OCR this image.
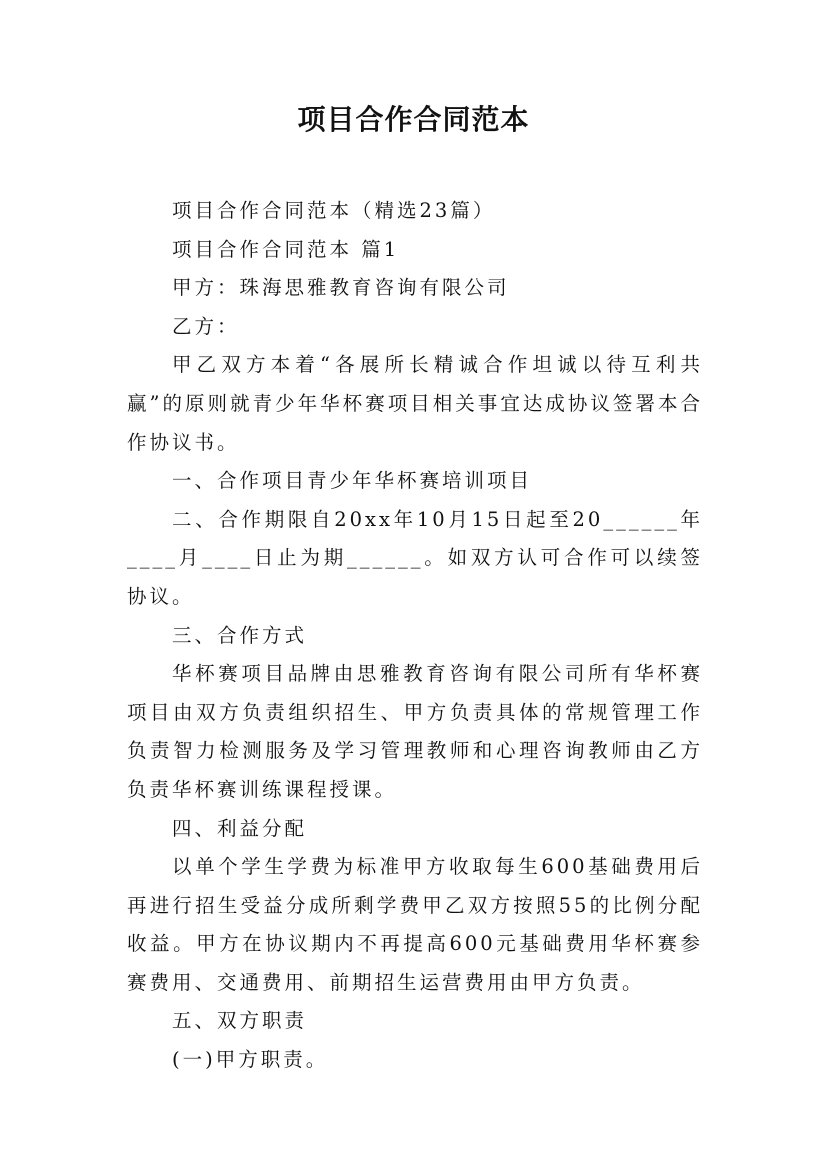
项目合作合同范本

项目合作合同范本（精选23篇）

项目合作合同范本 篇1

甲方：珠海思雅教育咨询有限公司

乙方：

甲乙双方本着“各展所长精诚合作坦诚以待互利共赢”的原则就青少年华杯赛项目相关事宜达成协议签署本合作协议书。

一、合作项目青少年华杯赛培训项目

二、合作期限自20xx年10月15日起至20______年____月____日止为期______。如双方认可合作可以续签协议。

三、合作方式

华杯赛项目品牌由思雅教育咨询有限公司所有华杯赛项目由双方负责组织招生、甲方负责具体的常规管理工作负责智力检测服务及学习管理教师和心理咨询教师由乙方负责华杯赛训练课程授课。

四、利益分配

以单个学生学费为标准甲方收取每生600基础费用后再进行招生受益分成所剩学费甲乙双方按照55的比例分配收益。甲方在协议期内不再提高600元基础费用华杯赛参赛费用、交通费用、前期招生运营费用由甲方负责。

五、双方职责

(一)甲方职责。
